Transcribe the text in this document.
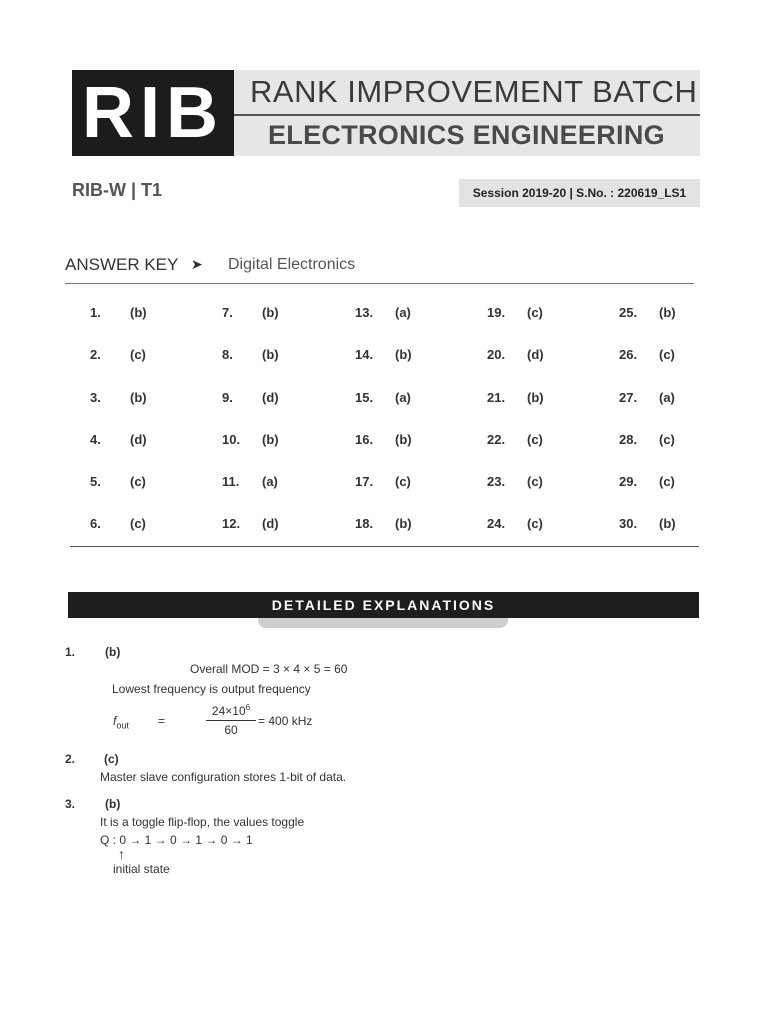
RIB RANK IMPROVEMENT BATCH
ELECTRONICS ENGINEERING
RIB-W | T1	Session 2019-20 | S.No. : 220619_LS1
ANSWER KEY ➤ Digital Electronics
1. (b)
2. (c)
3. (b)
4. (d)
5. (c)
6. (c)
7. (b)
8. (b)
9. (d)
10. (b)
11. (a)
12. (d)
13. (a)
14. (b)
15. (a)
16. (b)
17. (c)
18. (b)
19. (c)
20. (d)
21. (b)
22. (c)
23. (c)
24. (c)
25. (b)
26. (c)
27. (a)
28. (c)
29. (c)
30. (b)
DETAILED EXPLANATIONS
1. (b)
Overall MOD = 3 × 4 × 5 = 60
Lowest frequency is output frequency
$f_{out}$ =	$\frac{24\times 10^6}{60} = 400$ kHz
2. (c)
Master slave configuration stores 1-bit of data.
3. (b)
It is a toggle flip-flop, the values toggle
Q : 0 → 1 → 0 → 1 → 0 → 1
↑
initial state
